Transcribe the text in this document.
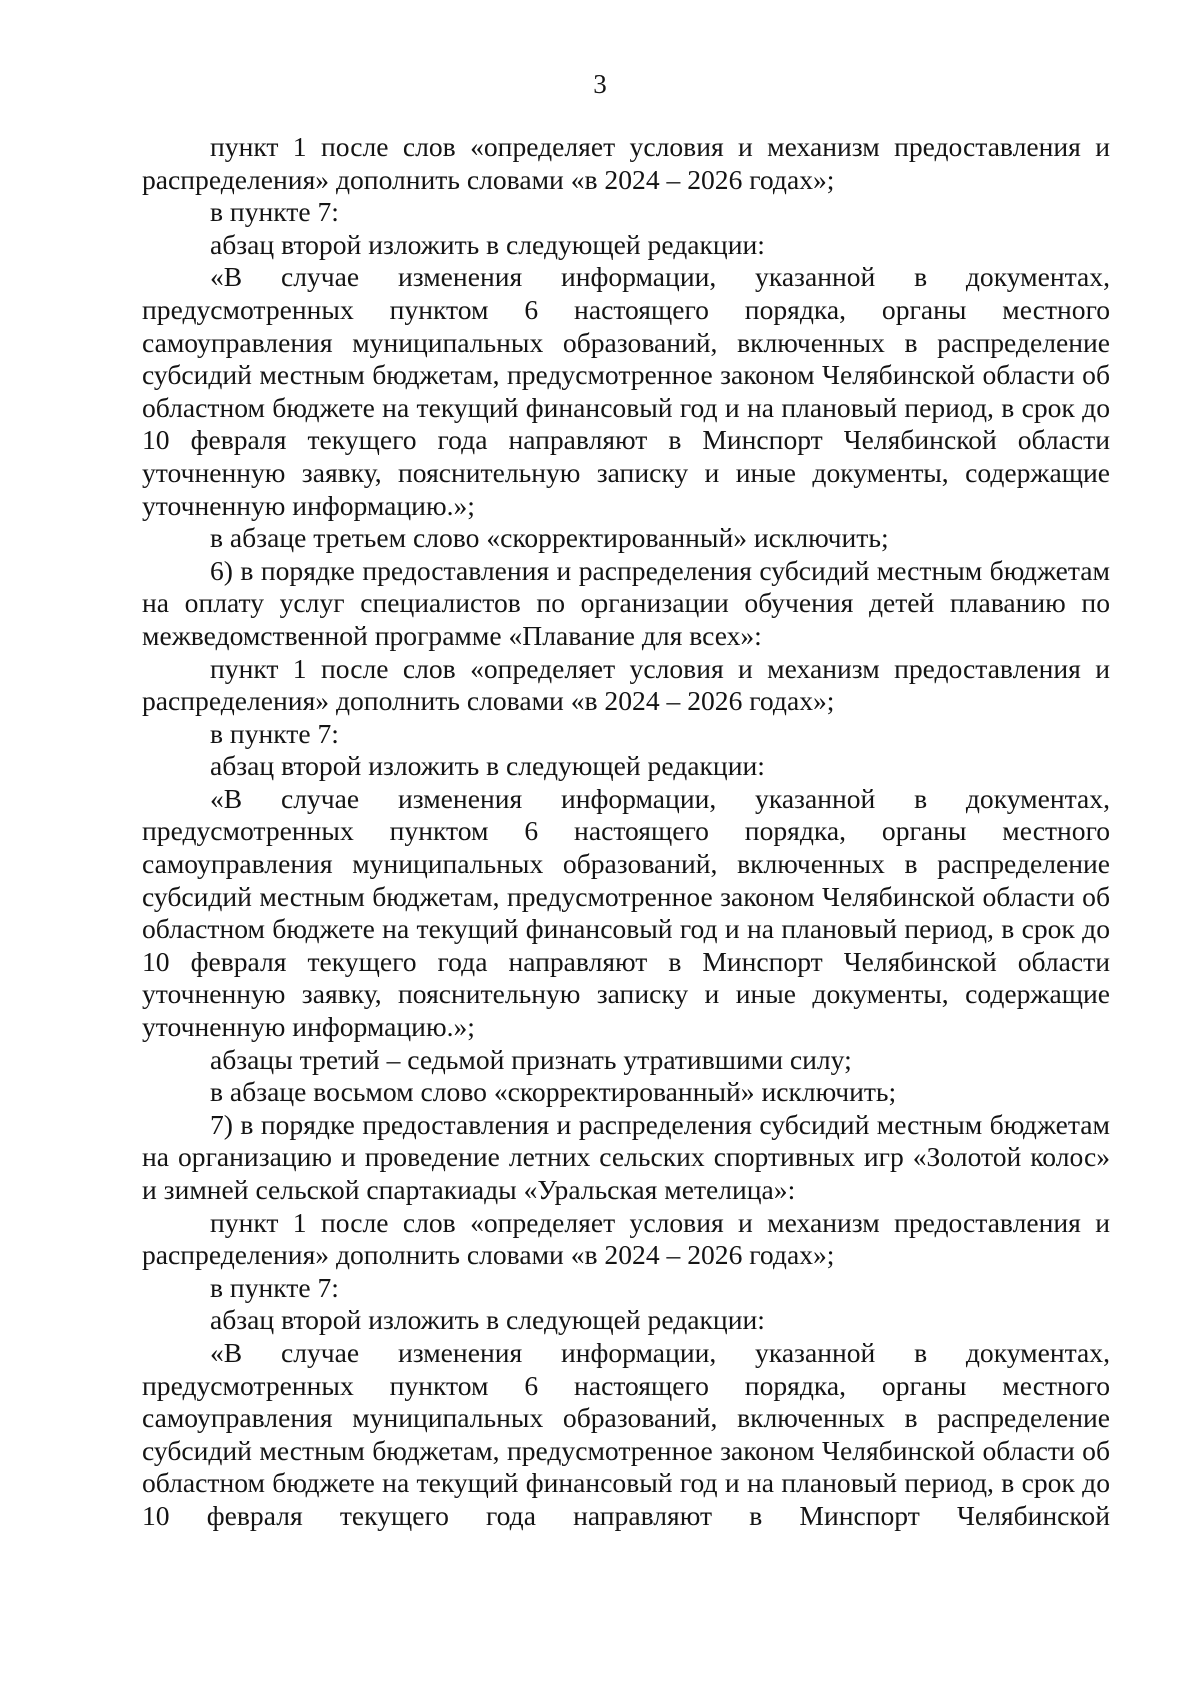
3

пункт 1 после слов «определяет условия и механизм предоставления и распределения» дополнить словами «в 2024 – 2026 годах»;

в пункте 7:

абзац второй изложить в следующей редакции:

«В случае изменения информации, указанной в документах, предусмотренных пунктом 6 настоящего порядка, органы местного самоуправления муниципальных образований, включенных в распределение субсидий местным бюджетам, предусмотренное законом Челябинской области об областном бюджете на текущий финансовый год и на плановый период, в срок до 10 февраля текущего года направляют в Минспорт Челябинской области уточненную заявку, пояснительную записку и иные документы, содержащие уточненную информацию.»;

в абзаце третьем слово «скорректированный» исключить;

6) в порядке предоставления и распределения субсидий местным бюджетам на оплату услуг специалистов по организации обучения детей плаванию по межведомственной программе «Плавание для всех»:

пункт 1 после слов «определяет условия и механизм предоставления и распределения» дополнить словами «в 2024 – 2026 годах»;

в пункте 7:

абзац второй изложить в следующей редакции:

«В случае изменения информации, указанной в документах, предусмотренных пунктом 6 настоящего порядка, органы местного самоуправления муниципальных образований, включенных в распределение субсидий местным бюджетам, предусмотренное законом Челябинской области об областном бюджете на текущий финансовый год и на плановый период, в срок до 10 февраля текущего года направляют в Минспорт Челябинской области уточненную заявку, пояснительную записку и иные документы, содержащие уточненную информацию.»;

абзацы третий – седьмой признать утратившими силу;

в абзаце восьмом слово «скорректированный» исключить;

7) в порядке предоставления и распределения субсидий местным бюджетам на организацию и проведение летних сельских спортивных игр «Золотой колос» и зимней сельской спартакиады «Уральская метелица»:

пункт 1 после слов «определяет условия и механизм предоставления и распределения» дополнить словами «в 2024 – 2026 годах»;

в пункте 7:

абзац второй изложить в следующей редакции:

«В случае изменения информации, указанной в документах, предусмотренных пунктом 6 настоящего порядка, органы местного самоуправления муниципальных образований, включенных в распределение субсидий местным бюджетам, предусмотренное законом Челябинской области об областном бюджете на текущий финансовый год и на плановый период, в срок до 10 февраля текущего года направляют в Минспорт Челябинской
